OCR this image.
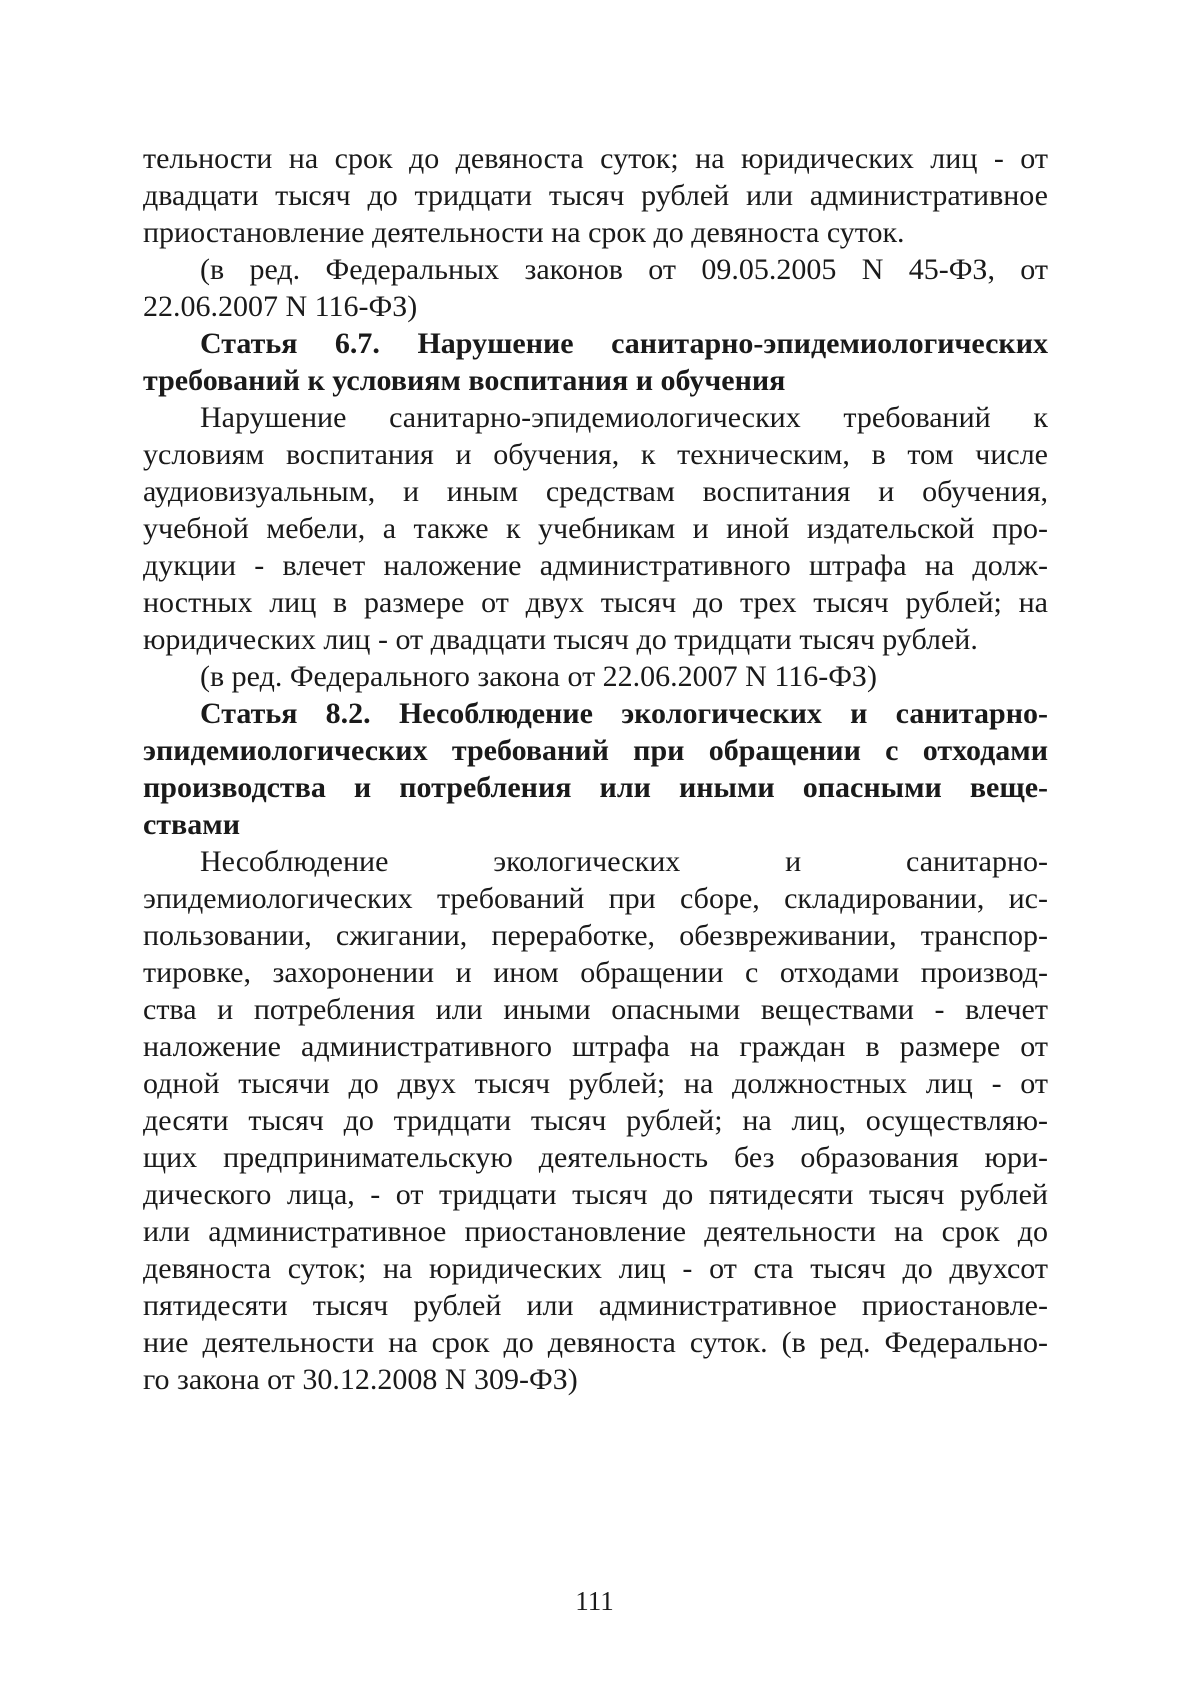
тельности на срок до девяноста суток; на юридических лиц - от
двадцати тысяч до тридцати тысяч рублей или административное
приостановление деятельности на срок до девяноста суток.
(в ред. Федеральных законов от 09.05.2005 N 45-ФЗ, от
22.06.2007 N 116-ФЗ)
Статья 6.7. Нарушение санитарно-эпидемиологических
требований к условиям воспитания и обучения
Нарушение санитарно-эпидемиологических требований к
условиям воспитания и обучения, к техническим, в том числе
аудиовизуальным, и иным средствам воспитания и обучения,
учебной мебели, а также к учебникам и иной издательской про-
дукции - влечет наложение административного штрафа на долж-
ностных лиц в размере от двух тысяч до трех тысяч рублей; на
юридических лиц - от двадцати тысяч до тридцати тысяч рублей.
(в ред. Федерального закона от 22.06.2007 N 116-ФЗ)
Статья 8.2. Несоблюдение экологических и санитарно-
эпидемиологических требований при обращении с отходами
производства и потребления или иными опасными веще-
ствами
Несоблюдение экологических и санитарно-
эпидемиологических требований при сборе, складировании, ис-
пользовании, сжигании, переработке, обезвреживании, транспор-
тировке, захоронении и ином обращении с отходами производ-
ства и потребления или иными опасными веществами - влечет
наложение административного штрафа на граждан в размере от
одной тысячи до двух тысяч рублей; на должностных лиц - от
десяти тысяч до тридцати тысяч рублей; на лиц, осуществляю-
щих предпринимательскую деятельность без образования юри-
дического лица, - от тридцати тысяч до пятидесяти тысяч рублей
или административное приостановление деятельности на срок до
девяноста суток; на юридических лиц - от ста тысяч до двухсот
пятидесяти тысяч рублей или административное приостановле-
ние деятельности на срок до девяноста суток. (в ред. Федерально-
го закона от 30.12.2008 N 309-ФЗ)
111
